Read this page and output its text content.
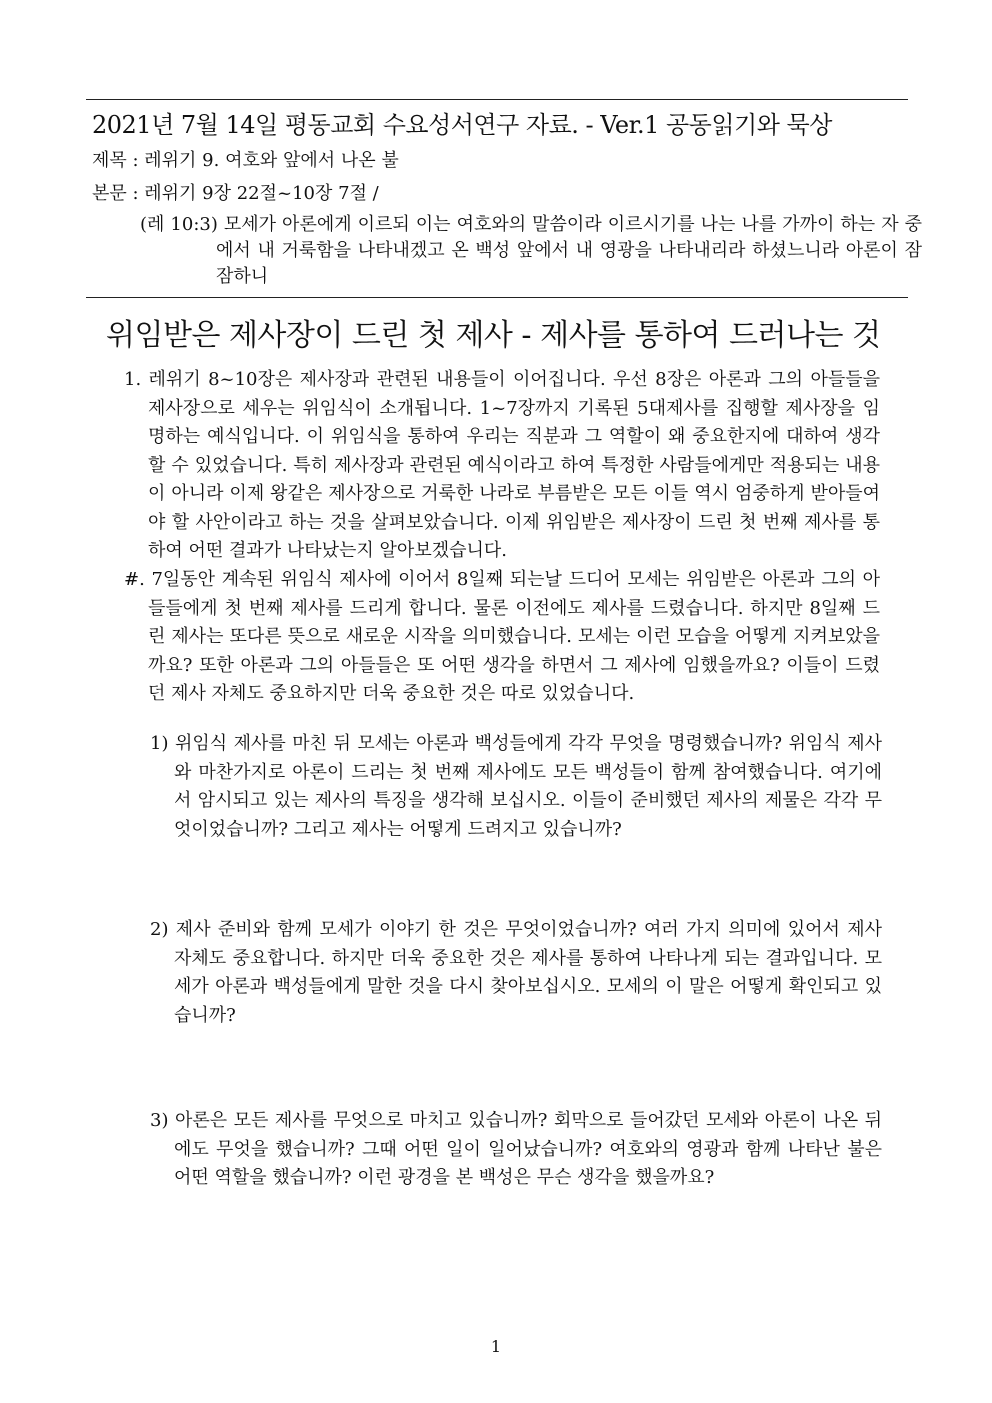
2021년 7월 14일 평동교회 수요성서연구 자료. - Ver.1 공동읽기와 묵상
제목 : 레위기 9. 여호와 앞에서 나온 불
본문 : 레위기 9장 22절~10장 7절 /
(레 10:3) 모세가 아론에게 이르되 이는 여호와의 말씀이라 이르시기를 나는 나를 가까이 하는 자 중에서 내 거룩함을 나타내겠고 온 백성 앞에서 내 영광을 나타내리라 하셨느니라 아론이 잠잠하니
위임받은 제사장이 드린 첫 제사 - 제사를 통하여 드러나는 것
1. 레위기 8~10장은 제사장과 관련된 내용들이 이어집니다. 우선 8장은 아론과 그의 아들들을 제사장으로 세우는 위임식이 소개됩니다. 1~7장까지 기록된 5대제사를 집행할 제사장을 임명하는 예식입니다. 이 위임식을 통하여 우리는 직분과 그 역할이 왜 중요한지에 대하여 생각할 수 있었습니다. 특히 제사장과 관련된 예식이라고 하여 특정한 사람들에게만 적용되는 내용이 아니라 이제 왕같은 제사장으로 거룩한 나라로 부름받은 모든 이들 역시 엄중하게 받아들여야 할 사안이라고 하는 것을 살펴보았습니다. 이제 위임받은 제사장이 드린 첫 번째 제사를 통하여 어떤 결과가 나타났는지 알아보겠습니다.
#. 7일동안 계속된 위임식 제사에 이어서 8일째 되는날 드디어 모세는 위임받은 아론과 그의 아들들에게 첫 번째 제사를 드리게 합니다. 물론 이전에도 제사를 드렸습니다. 하지만 8일째 드린 제사는 또다른 뜻으로 새로운 시작을 의미했습니다. 모세는 이런 모습을 어떻게 지켜보았을까요? 또한 아론과 그의 아들들은 또 어떤 생각을 하면서 그 제사에 임했을까요? 이들이 드렸던 제사 자체도 중요하지만 더욱 중요한 것은 따로 있었습니다.
1) 위임식 제사를 마친 뒤 모세는 아론과 백성들에게 각각 무엇을 명령했습니까? 위임식 제사와 마찬가지로 아론이 드리는 첫 번째 제사에도 모든 백성들이 함께 참여했습니다. 여기에서 암시되고 있는 제사의 특징을 생각해 보십시오. 이들이 준비했던 제사의 제물은 각각 무엇이었습니까? 그리고 제사는 어떻게 드려지고 있습니까?
2) 제사 준비와 함께 모세가 이야기 한 것은 무엇이었습니까? 여러 가지 의미에 있어서 제사 자체도 중요합니다. 하지만 더욱 중요한 것은 제사를 통하여 나타나게 되는 결과입니다. 모세가 아론과 백성들에게 말한 것을 다시 찾아보십시오. 모세의 이 말은 어떻게 확인되고 있습니까?
3) 아론은 모든 제사를 무엇으로 마치고 있습니까? 회막으로 들어갔던 모세와 아론이 나온 뒤에도 무엇을 했습니까? 그때 어떤 일이 일어났습니까? 여호와의 영광과 함께 나타난 불은 어떤 역할을 했습니까? 이런 광경을 본 백성은 무슨 생각을 했을까요?
1
